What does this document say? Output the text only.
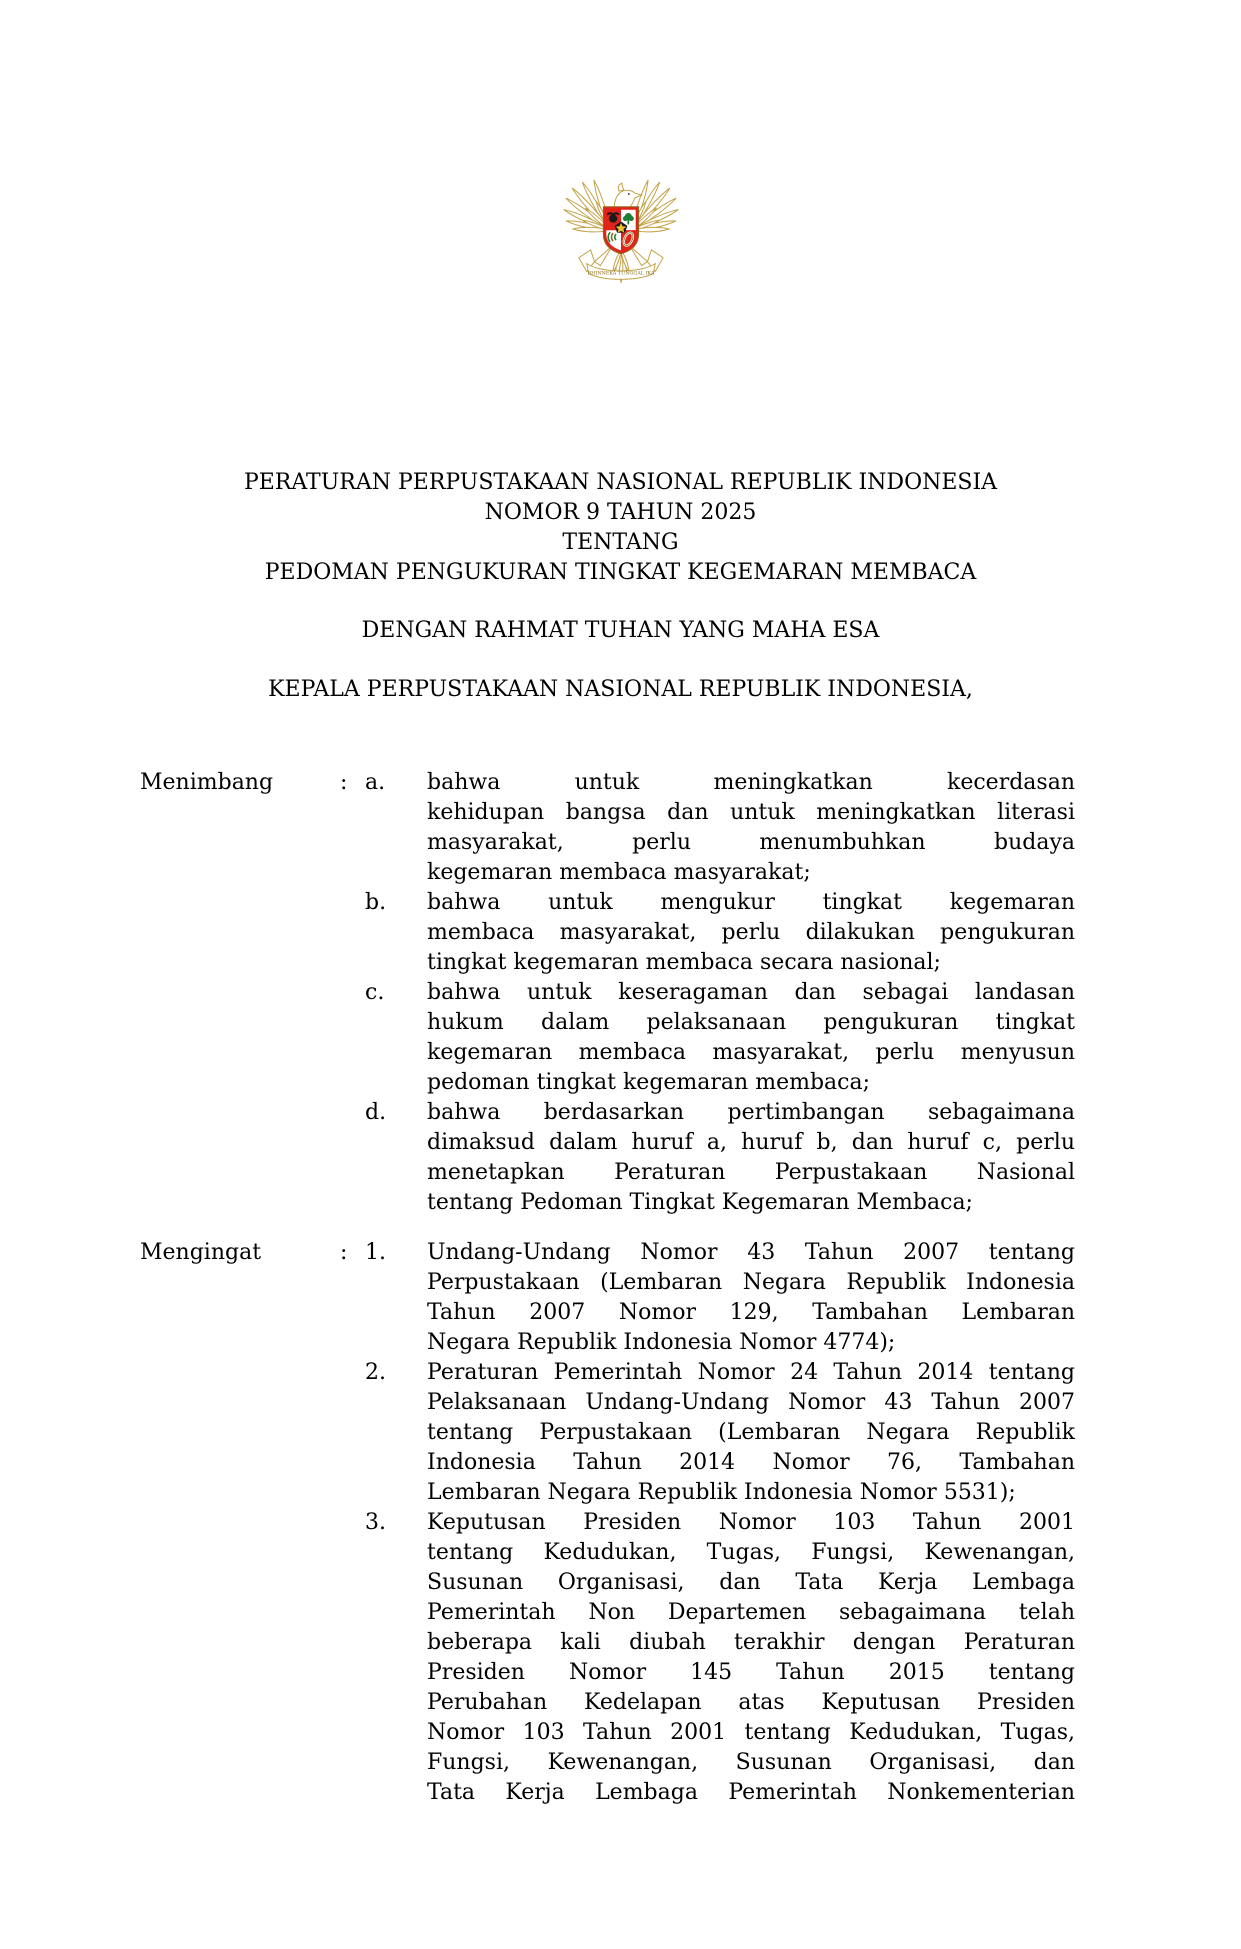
BHINNEKA TUNGGAL IKA
PERATURAN PERPUSTAKAAN NASIONAL REPUBLIK INDONESIA
NOMOR 9 TAHUN 2025
TENTANG
PEDOMAN PENGUKURAN TINGKAT KEGEMARAN MEMBACA
DENGAN RAHMAT TUHAN YANG MAHA ESA
KEPALA PERPUSTAKAAN NASIONAL REPUBLIK INDONESIA,
Menimbang	: a.	bahwa untuk meningkatkan kecerdasan
kehidupan bangsa dan untuk meningkatkan literasi
masyarakat, perlu menumbuhkan budaya
kegemaran membaca masyarakat;
b.	bahwa untuk mengukur tingkat kegemaran
membaca masyarakat, perlu dilakukan pengukuran
tingkat kegemaran membaca secara nasional;
c.	bahwa untuk keseragaman dan sebagai landasan
hukum dalam pelaksanaan pengukuran tingkat
kegemaran membaca masyarakat, perlu menyusun
pedoman tingkat kegemaran membaca;
d.	bahwa berdasarkan pertimbangan sebagaimana
dimaksud dalam huruf a, huruf b, dan huruf c, perlu
menetapkan Peraturan Perpustakaan Nasional
tentang Pedoman Tingkat Kegemaran Membaca;
Mengingat	: 1.	Undang-Undang Nomor 43 Tahun 2007 tentang
Perpustakaan (Lembaran Negara Republik Indonesia
Tahun 2007 Nomor 129, Tambahan Lembaran
Negara Republik Indonesia Nomor 4774);
2.	Peraturan Pemerintah Nomor 24 Tahun 2014 tentang
Pelaksanaan Undang-Undang Nomor 43 Tahun 2007
tentang Perpustakaan (Lembaran Negara Republik
Indonesia Tahun 2014 Nomor 76, Tambahan
Lembaran Negara Republik Indonesia Nomor 5531);
3.	Keputusan Presiden Nomor 103 Tahun 2001
tentang Kedudukan, Tugas, Fungsi, Kewenangan,
Susunan Organisasi, dan Tata Kerja Lembaga
Pemerintah Non Departemen sebagaimana telah
beberapa kali diubah terakhir dengan Peraturan
Presiden Nomor 145 Tahun 2015 tentang
Perubahan Kedelapan atas Keputusan Presiden
Nomor 103 Tahun 2001 tentang Kedudukan, Tugas,
Fungsi, Kewenangan, Susunan Organisasi, dan
Tata Kerja Lembaga Pemerintah Nonkementerian
